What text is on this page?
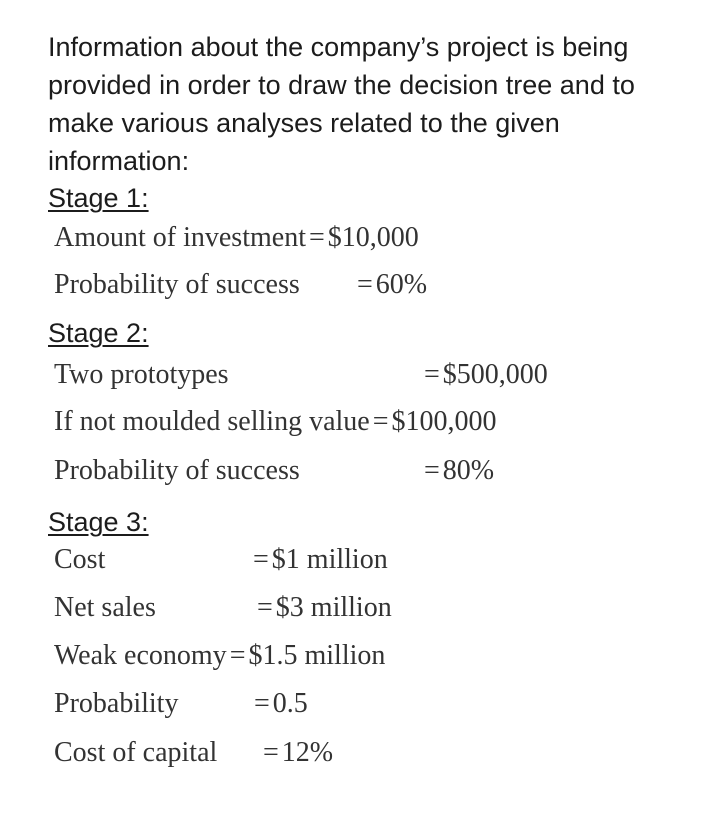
Information about the company’s project is being provided in order to draw the decision tree and to make various analyses related to the given information:
Stage 1:
Amount of investment = $10,000
Probability of success = 60%
Stage 2:
Two prototypes	= $500,000
If not moulded selling value = $100,000
Probability of success	= 80%
Stage 3:
Cost	= $1 million
Net sales	= $3 million
Weak economy = $1.5 million
Probability	= 0.5
Cost of capital = 12%
